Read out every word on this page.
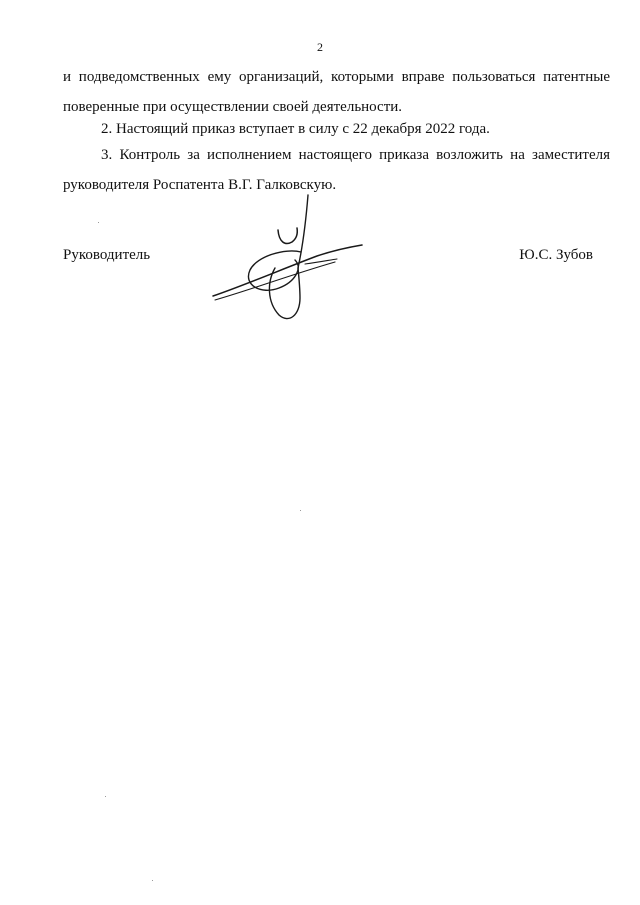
2

и подведомственных ему организаций, которыми вправе пользоваться патентные
поверенные при осуществлении своей деятельности.

2. Настоящий приказ вступает в силу с 22 декабря 2022 года.

3. Контроль за исполнением настоящего приказа возложить на заместителя
руководителя Роспатента В.Г. Галковскую.

Руководитель	Ю.С. Зубов
